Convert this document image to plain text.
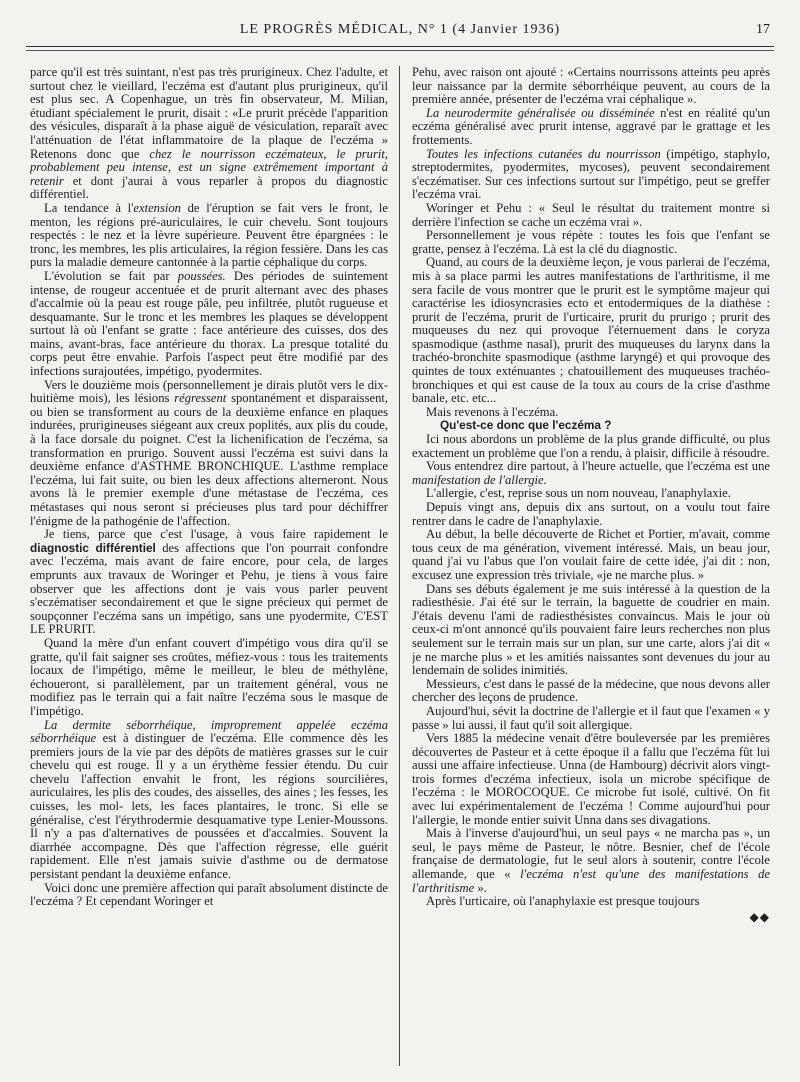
LE PROGRÈS MÉDICAL, N° 1 (4 Janvier 1936)	17

parce qu'il est très suintant, n'est pas très prurigineux. Chez l'adulte, et surtout chez le vieillard, l'eczéma est d'autant plus prurigineux, qu'il est plus sec. A Copenhague, un très fin observateur, M. Milian, étudiant spécialement le prurit, disait : «Le prurit précède l'apparition des vésicules, disparaît à la phase aiguë de vésiculation, reparaît avec l'atténuation de l'état inflammatoire de la plaque de l'eczéma » Retenons donc que chez le nourrisson eczémateux, le prurit, probablement peu intense, est un signe extrêmement important à retenir et dont j'aurai à vous reparler à propos du diagnostic différentiel.

La tendance à l'extension de l'éruption se fait vers le front, le menton, les régions pré-auriculaires, le cuir chevelu. Sont toujours respectés : le nez et la lèvre supérieure. Peuvent être épargnées : le tronc, les membres, les plis articulaires, la région fessière. Dans les cas purs la maladie demeure cantonnée à la partie céphalique du corps.

L'évolution se fait par poussées. Des périodes de suintement intense, de rougeur accentuée et de prurit alternant avec des phases d'accalmie où la peau est rouge pâle, peu infiltrée, plutôt rugueuse et desquamante. Sur le tronc et les membres les plaques se développent surtout là où l'enfant se gratte : face antérieure des cuisses, dos des mains, avant-bras, face antérieure du thorax. La presque totalité du corps peut être envahie. Parfois l'aspect peut être modifié par des infections surajoutées, impétigo, pyodermites.

Vers le douzième mois (personnellement je dirais plutôt vers le dix-huitième mois), les lésions régressent spontanément et disparaissent, ou bien se transforment au cours de la deuxième enfance en plaques indurées, prurigineuses siégeant aux creux poplités, aux plis du coude, à la face dorsale du poignet. C'est la lichenification de l'eczéma, sa transformation en prurigo. Souvent aussi l'eczéma est suivi dans la deuxième enfance d'ASTHME BRONCHIQUE. L'asthme remplace l'eczéma, lui fait suite, ou bien les deux affections alterneront. Nous avons là le premier exemple d'une métastase de l'eczéma, ces métastases qui nous seront si précieuses plus tard pour déchiffrer l'énigme de la pathogénie de l'affection.

Je tiens, parce que c'est l'usage, à vous faire rapidement le diagnostic différentiel des affections que l'on pourrait confondre avec l'eczéma, mais avant de faire encore, pour cela, de larges emprunts aux travaux de Woringer et Pehu, je tiens à vous faire observer que les affections dont je vais vous parler peuvent s'eczématiser secondairement et que le signe précieux qui permet de soupçonner l'eczéma sans un impétigo, sans une pyodermite, C'EST LE PRURIT.

Quand la mère d'un enfant couvert d'impétigo vous dira qu'il se gratte, qu'il fait saigner ses croûtes, méfiez-vous : tous les traitements locaux de l'impétigo, même le meilleur, le bleu de méthylène, échoueront, si parallèlement, par un traitement général, vous ne modifiez pas le terrain qui a fait naître l'eczéma sous le masque de l'impétigo.

La dermite séborrhéique, improprement appelée eczéma séborrhéique est à distinguer de l'eczéma. Elle commence dès les premiers jours de la vie par des dépôts de matières grasses sur le cuir chevelu qui est rouge. Il y a un érythème fessier étendu. Du cuir chevelu l'affection envahit le front, les régions sourcilières, auriculaires, les plis des coudes, des aisselles, des aines ; les fesses, les cuisses, les mol- lets, les faces plantaires, le tronc. Si elle se généralise, c'est l'érythrodermie desquamative type Lenier-Moussons. Il n'y a pas d'alternatives de poussées et d'accalmies. Souvent la diarrhée accompagne. Dès que l'affection régresse, elle guérit rapidement. Elle n'est jamais suivie d'asthme ou de dermatose persistant pendant la deuxième enfance.

Voici donc une première affection qui paraît absolument distincte de l'eczéma ? Et cependant Woringer et

Pehu, avec raison ont ajouté : «Certains nourrissons atteints peu après leur naissance par la dermite séborrhéique peuvent, au cours de la première année, présenter de l'eczéma vrai céphalique ».

La neurodermite généralisée ou disséminée n'est en réalité qu'un eczéma généralisé avec prurit intense, aggravé par le grattage et les frottements.

Toutes les infections cutanées du nourrisson (impétigo, staphylo, streptodermites, pyodermites, mycoses), peuvent secondairement s'eczématiser. Sur ces infections surtout sur l'impétigo, peut se greffer l'eczéma vrai.

Woringer et Pehu : « Seul le résultat du traitement montre si derrière l'infection se cache un eczéma vrai ».

Personnellement je vous répète : toutes les fois que l'enfant se gratte, pensez à l'eczéma. Là est la clé du diagnostic.

Quand, au cours de la deuxième leçon, je vous parlerai de l'eczéma, mis à sa place parmi les autres manifestations de l'arthritisme, il me sera facile de vous montrer que le prurit est le symptôme majeur qui caractérise les idiosyncrasies ecto et entodermiques de la diathèse : prurit de l'eczéma, prurit de l'urticaire, prurit du prurigo ; prurit des muqueuses du nez qui provoque l'éternuement dans le coryza spasmodique (asthme nasal), prurit des muqueuses du larynx dans la trachéo-bronchite spasmodique (asthme laryngé) et qui provoque des quintes de toux exténuantes ; chatouillement des muqueuses trachéo-bronchiques et qui est cause de la toux au cours de la crise d'asthme banale, etc. etc...

Mais revenons à l'eczéma.

Qu'est-ce donc que l'eczéma ?

Ici nous abordons un problème de la plus grande difficulté, ou plus exactement un problème que l'on a rendu, à plaisir, difficile à résoudre.

Vous entendrez dire partout, à l'heure actuelle, que l'eczéma est une manifestation de l'allergie.

L'allergie, c'est, reprise sous un nom nouveau, l'anaphylaxie.

Depuis vingt ans, depuis dix ans surtout, on a voulu tout faire rentrer dans le cadre de l'anaphylaxie.

Au début, la belle découverte de Richet et Portier, m'avait, comme tous ceux de ma génération, vivement intéressé. Mais, un beau jour, quand j'ai vu l'abus que l'on voulait faire de cette idée, j'ai dit : non, excusez une expression très triviale, «je ne marche plus. »

Dans ses débuts également je me suis intéressé à la question de la radiesthésie. J'ai été sur le terrain, la baguette de coudrier en main. J'étais devenu l'ami de radiesthésistes convaincus. Mais le jour où ceux-ci m'ont annoncé qu'ils pouvaient faire leurs recherches non plus seulement sur le terrain mais sur un plan, sur une carte, alors j'ai dit « je ne marche plus » et les amitiés naissantes sont devenues du jour au lendemain de solides inimitiés.

Messieurs, c'est dans le passé de la médecine, que nous devons aller chercher des leçons de prudence.

Aujourd'hui, sévit la doctrine de l'allergie et il faut que l'examen « y passe » lui aussi, il faut qu'il soit allergique.

Vers 1885 la médecine venait d'être bouleversée par les premières découvertes de Pasteur et à cette époque il a fallu que l'eczéma fût lui aussi une affaire infectieuse. Unna (de Hambourg) décrivit alors vingt-trois formes d'eczéma infectieux, isola un microbe spécifique de l'eczéma : le MOROCOQUE. Ce microbe fut isolé, cultivé. On fit avec lui expérimentalement de l'eczéma ! Comme aujourd'hui pour l'allergie, le monde entier suivit Unna dans ses divagations.

Mais à l'inverse d'aujourd'hui, un seul pays « ne marcha pas », un seul, le pays même de Pasteur, le nôtre. Besnier, chef de l'école française de dermatologie, fut le seul alors à soutenir, contre l'école allemande, que « l'eczéma n'est qu'une des manifestations de l'arthritisme ».

Après l'urticaire, où l'anaphylaxie est presque toujours

◆◆
